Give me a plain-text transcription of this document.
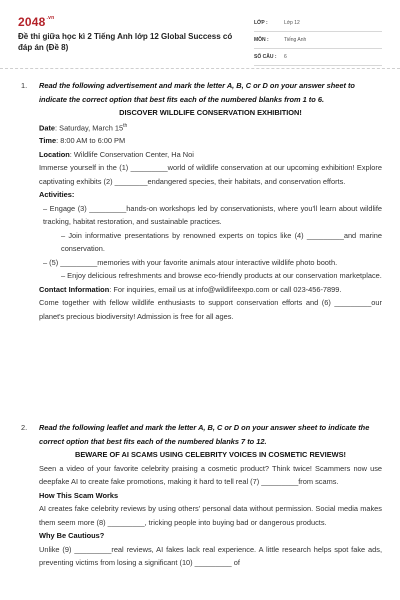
$2048^{.vn}$
Đề thi giữa học kì 2 Tiếng Anh lớp 12 Global Success có đáp án (Đề 8)
LỚP :	Lớp 12
MÔN :	Tiếng Anh
SỐ CÂU :	6
1. Read the following advertisement and mark the letter A, B, C or D on your answer sheet to indicate the correct option that best fits each of the numbered blanks from 1 to 6.
DISCOVER WILDLIFE CONSERVATION EXHIBITION!
Date: Saturday, March 15th
Time: 8:00 AM to 6:00 PM
Location: Wildlife Conservation Center, Ha Noi
Immerse yourself in the (1) _________world of wildlife conservation at our upcoming exhibition! Explore captivating exhibits (2) ________endangered species, their habitats, and conservation efforts.
Activities:
– Engage (3) _________hands-on workshops led by conservationists, where you'll learn about wildlife tracking, habitat restoration, and sustainable practices.
– Join informative presentations by renowned experts on topics like (4) _________and marine conservation.
– (5) _________memories with your favorite animals atour interactive wildlife photo booth.
– Enjoy delicious refreshments and browse eco-friendly products at our conservation marketplace.
Contact Information: For inquiries, email us at info@wildlifeexpo.com or call 023-456-7899.
Come together with fellow wildlife enthusiasts to support conservation efforts and (6) _________our planet's precious biodiversity! Admission is free for all ages.
2. Read the following leaflet and mark the letter A, B, C or D on your answer sheet to indicate the correct option that best fits each of the numbered blanks 7 to 12.
BEWARE OF AI SCAMS USING CELEBRITY VOICES IN COSMETIC REVIEWS!
Seen a video of your favorite celebrity praising a cosmetic product? Think twice! Scammers now use deepfake AI to create fake promotions, making it hard to tell real (7) _________from scams.
How This Scam Works
AI creates fake celebrity reviews by using others' personal data without permission. Social media makes them seem more (8) _________, tricking people into buying bad or dangerous products.
Why Be Cautious?
Unlike (9) _________real reviews, AI fakes lack real experience. A little research helps spot fake ads, preventing victims from losing a significant (10) _________ of
